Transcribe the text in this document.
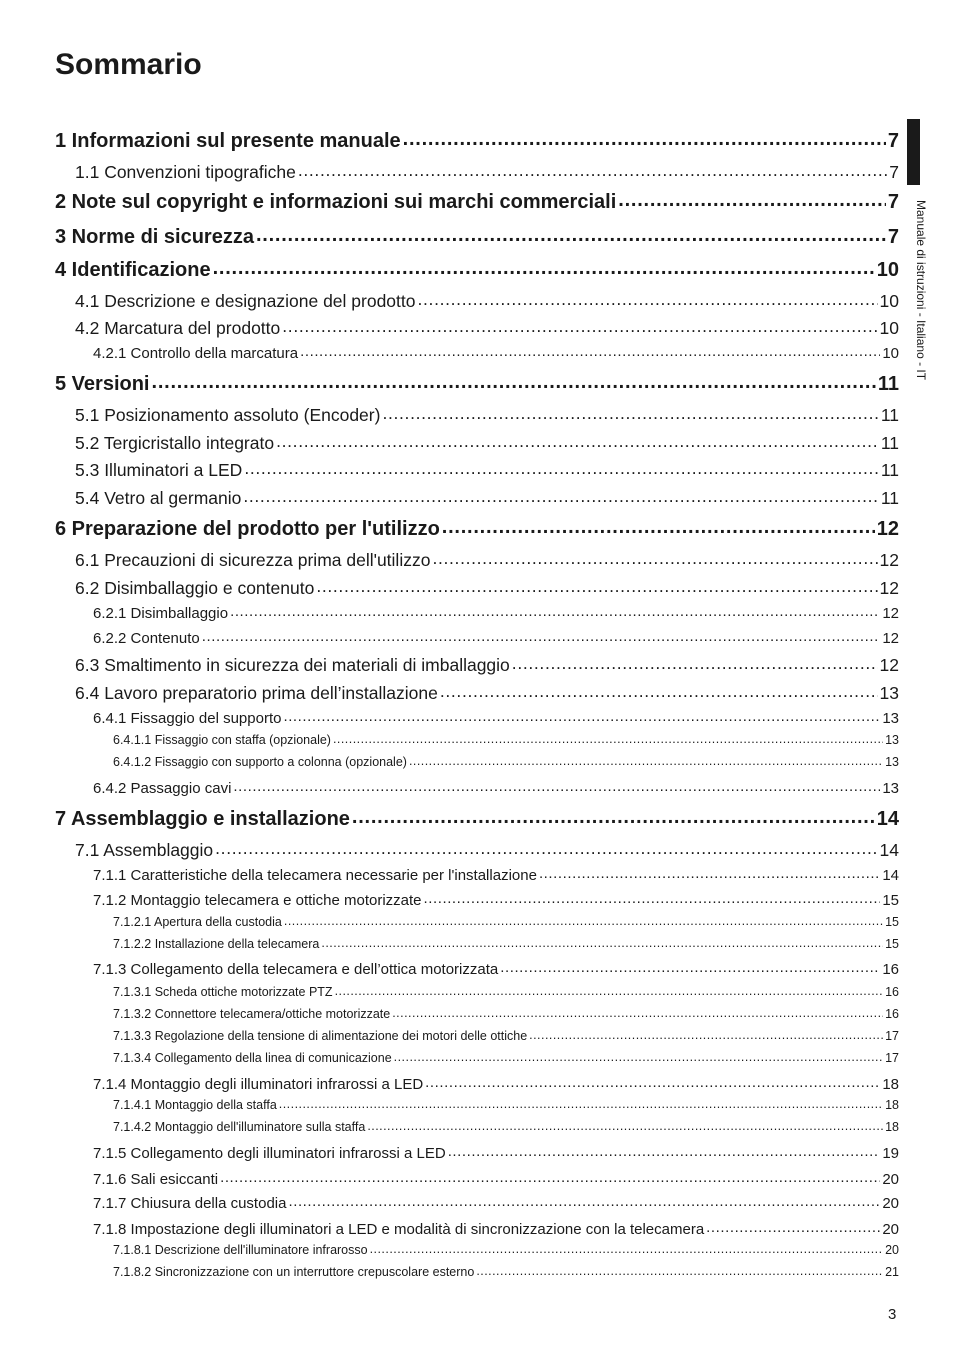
Sommario
Manuale di istruzioni - Italiano - IT
1 Informazioni sul presente manuale . . .	7
1.1 Convenzioni tipografiche . . .	7
2 Note sul copyright e informazioni sui marchi commerciali . . .	7
3 Norme di sicurezza . . .	7
4 Identificazione . . .	10
4.1 Descrizione e designazione del prodotto . . .	10
4.2 Marcatura del prodotto . . .	10
4.2.1 Controllo della marcatura . . .	10
5 Versioni . . .	11
5.1 Posizionamento assoluto (Encoder) . . .	11
5.2 Tergicristallo integrato . . .	11
5.3 Illuminatori a LED . . .	11
5.4 Vetro al germanio . . .	11
6 Preparazione del prodotto per l'utilizzo . . .	12
6.1 Precauzioni di sicurezza prima dell'utilizzo . . .	12
6.2 Disimballaggio e contenuto . . .	12
6.2.1 Disimballaggio . . .	12
6.2.2 Contenuto . . .	12
6.3 Smaltimento in sicurezza dei materiali di imballaggio . . .	12
6.4 Lavoro preparatorio prima dell’installazione . . .	13
6.4.1 Fissaggio del supporto . . .	13
6.4.1.1 Fissaggio con staffa (opzionale) . . .	13
6.4.1.2 Fissaggio con supporto a colonna (opzionale) . . .	13
6.4.2 Passaggio cavi . . .	13
7 Assemblaggio e installazione . . .	14
7.1 Assemblaggio . . .	14
7.1.1 Caratteristiche della telecamera necessarie per l'installazione . . .	14
7.1.2 Montaggio telecamera e ottiche motorizzate . . .	15
7.1.2.1 Apertura della custodia . . .	15
7.1.2.2 Installazione della telecamera . . .	15
7.1.3 Collegamento della telecamera e dell’ottica motorizzata . . .	16
7.1.3.1 Scheda ottiche motorizzate PTZ . . .	16
7.1.3.2 Connettore telecamera/ottiche motorizzate . . .	16
7.1.3.3 Regolazione della tensione di alimentazione dei motori delle ottiche . . .	17
7.1.3.4 Collegamento della linea di comunicazione . . .	17
7.1.4 Montaggio degli illuminatori infrarossi a LED . . .	18
7.1.4.1 Montaggio della staffa . . .	18
7.1.4.2 Montaggio dell'illuminatore sulla staffa . . .	18
7.1.5 Collegamento degli illuminatori infrarossi a LED . . .	19
7.1.6 Sali esiccanti . . .	20
7.1.7 Chiusura della custodia . . .	20
7.1.8 Impostazione degli illuminatori a LED e modalità di sincronizzazione con la telecamera . . .	20
7.1.8.1 Descrizione dell'illuminatore infrarosso . . .	20
7.1.8.2 Sincronizzazione con un interruttore crepuscolare esterno . . .	21
3
